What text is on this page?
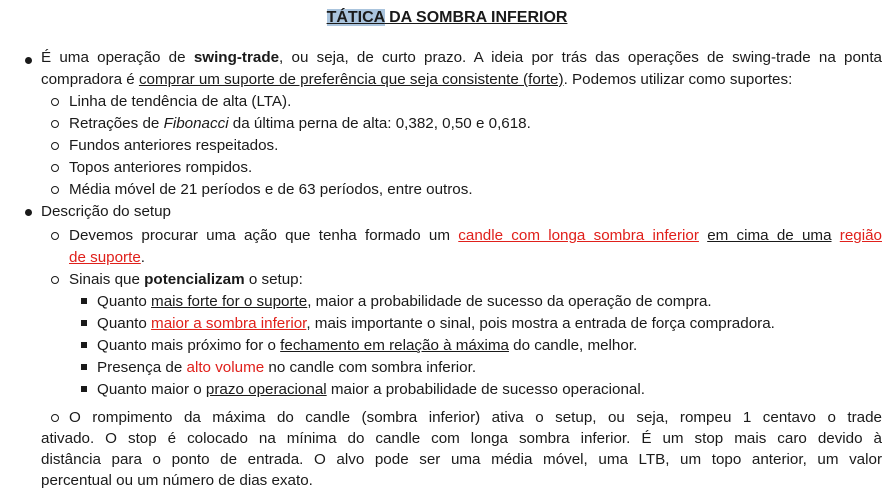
TÁTICA DA SOMBRA INFERIOR
É uma operação de swing-trade, ou seja, de curto prazo. A ideia por trás das operações de swing-trade na ponta
compradora é comprar um suporte de preferência que seja consistente (forte). Podemos utilizar como suportes:
Linha de tendência de alta (LTA).
Retrações de Fibonacci da última perna de alta: 0,382, 0,50 e 0,618.
Fundos anteriores respeitados.
Topos anteriores rompidos.
Média móvel de 21 períodos e de 63 períodos, entre outros.
Descrição do setup
Devemos procurar uma ação que tenha formado um candle com longa sombra inferior em cima de uma região
de suporte.
Sinais que potencializam o setup:
Quanto mais forte for o suporte, maior a probabilidade de sucesso da operação de compra.
Quanto maior a sombra inferior, mais importante o sinal, pois mostra a entrada de força compradora.
Quanto mais próximo for o fechamento em relação à máxima do candle, melhor.
Presença de alto volume no candle com sombra inferior.
Quanto maior o prazo operacional maior a probabilidade de sucesso operacional.
O rompimento da máxima do candle (sombra inferior) ativa o setup, ou seja, rompeu 1 centavo o trade
ativado. O stop é colocado na mínima do candle com longa sombra inferior. É um stop mais caro devido à
distância para o ponto de entrada. O alvo pode ser uma média móvel, uma LTB, um topo anterior, um valor
percentual ou um número de dias exato.
